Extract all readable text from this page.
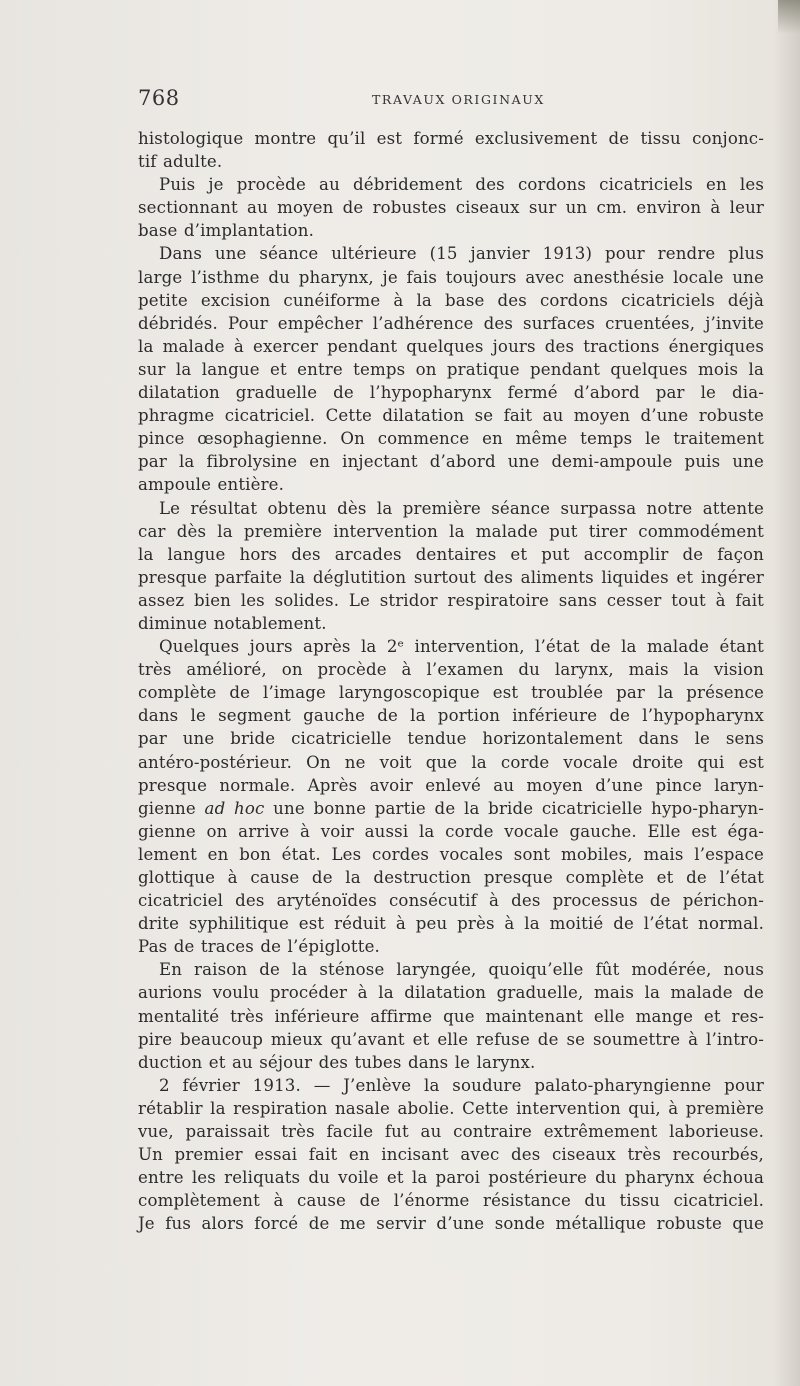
768	TRAVAUX ORIGINAUX
histologique montre qu’il est formé exclusivement de tissu conjonc-
tif adulte.
Puis je procède au débridement des cordons cicatriciels en les
sectionnant au moyen de robustes ciseaux sur un cm. environ à leur
base d’implantation.
Dans une séance ultérieure (15 janvier 1913) pour rendre plus
large l’isthme du pharynx, je fais toujours avec anesthésie locale une
petite excision cunéiforme à la base des cordons cicatriciels déjà
débridés. Pour empêcher l’adhérence des surfaces cruentées, j’invite
la malade à exercer pendant quelques jours des tractions énergiques
sur la langue et entre temps on pratique pendant quelques mois la
dilatation graduelle de l’hypopharynx fermé d’abord par le dia-
phragme cicatriciel. Cette dilatation se fait au moyen d’une robuste
pince œsophagienne. On commence en même temps le traitement
par la fibrolysine en injectant d’abord une demi-ampoule puis une
ampoule entière.
Le résultat obtenu dès la première séance surpassa notre attente
car dès la première intervention la malade put tirer commodément
la langue hors des arcades dentaires et put accomplir de façon
presque parfaite la déglutition surtout des aliments liquides et ingérer
assez bien les solides. Le stridor respiratoire sans cesser tout à fait
diminue notablement.
Quelques jours après la 2ᵉ intervention, l’état de la malade étant
très amélioré, on procède à l’examen du larynx, mais la vision
complète de l’image laryngoscopique est troublée par la présence
dans le segment gauche de la portion inférieure de l’hypopharynx
par une bride cicatricielle tendue horizontalement dans le sens
antéro-postérieur. On ne voit que la corde vocale droite qui est
presque normale. Après avoir enlevé au moyen d’une pince laryn-
gienne ad hoc une bonne partie de la bride cicatricielle hypo-pharyn-
gienne on arrive à voir aussi la corde vocale gauche. Elle est éga-
lement en bon état. Les cordes vocales sont mobiles, mais l’espace
glottique à cause de la destruction presque complète et de l’état
cicatriciel des aryténoïdes consécutif à des processus de périchon-
drite syphilitique est réduit à peu près à la moitié de l’état normal.
Pas de traces de l’épiglotte.
En raison de la sténose laryngée, quoiqu’elle fût modérée, nous
aurions voulu procéder à la dilatation graduelle, mais la malade de
mentalité très inférieure affirme que maintenant elle mange et res-
pire beaucoup mieux qu’avant et elle refuse de se soumettre à l’intro-
duction et au séjour des tubes dans le larynx.
2 février 1913. — J’enlève la soudure palato-pharyngienne pour
rétablir la respiration nasale abolie. Cette intervention qui, à première
vue, paraissait très facile fut au contraire extrêmement laborieuse.
Un premier essai fait en incisant avec des ciseaux très recourbés,
entre les reliquats du voile et la paroi postérieure du pharynx échoua
complètement à cause de l’énorme résistance du tissu cicatriciel.
Je fus alors forcé de me servir d’une sonde métallique robuste que
